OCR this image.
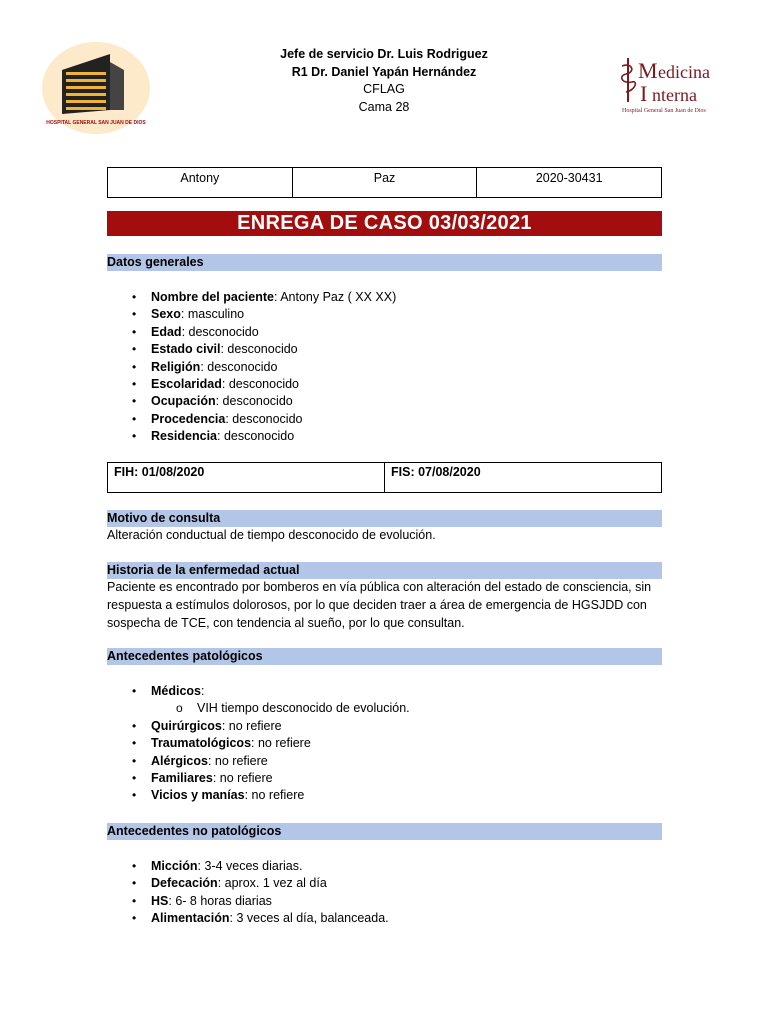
HOSPITAL GENERAL SAN JUAN DE DIOS
Jefe de servicio Dr. Luis Rodriguez
R1 Dr. Daniel Yapán Hernández
CFLAG
Cama 28
M edicina
I nterna
Hospital General San Juan de Dios
Antony	Paz	2020-30431
ENREGA DE CASO 03/03/2021
Datos generales
• Nombre del paciente: Antony Paz ( XX XX)
• Sexo: masculino
• Edad: desconocido
• Estado civil: desconocido
• Religión: desconocido
• Escolaridad: desconocido
• Ocupación: desconocido
• Procedencia: desconocido
• Residencia: desconocido
FIH: 01/08/2020	FIS: 07/08/2020
Motivo de consulta
Alteración conductual de tiempo desconocido de evolución.
Historia de la enfermedad actual
Paciente es encontrado por bomberos en vía pública con alteración del estado de consciencia, sin
respuesta a estímulos dolorosos, por lo que deciden traer a área de emergencia de HGSJDD con
sospecha de TCE, con tendencia al sueño, por lo que consultan.
Antecedentes patológicos
• Médicos:
o VIH tiempo desconocido de evolución.
• Quirúrgicos: no refiere
• Traumatológicos: no refiere
• Alérgicos: no refiere
• Familiares: no refiere
• Vicios y manías: no refiere
Antecedentes no patológicos
• Micción: 3-4 veces diarias.
• Defecación: aprox. 1 vez al día
• HS: 6- 8 horas diarias
• Alimentación: 3 veces al día, balanceada.
